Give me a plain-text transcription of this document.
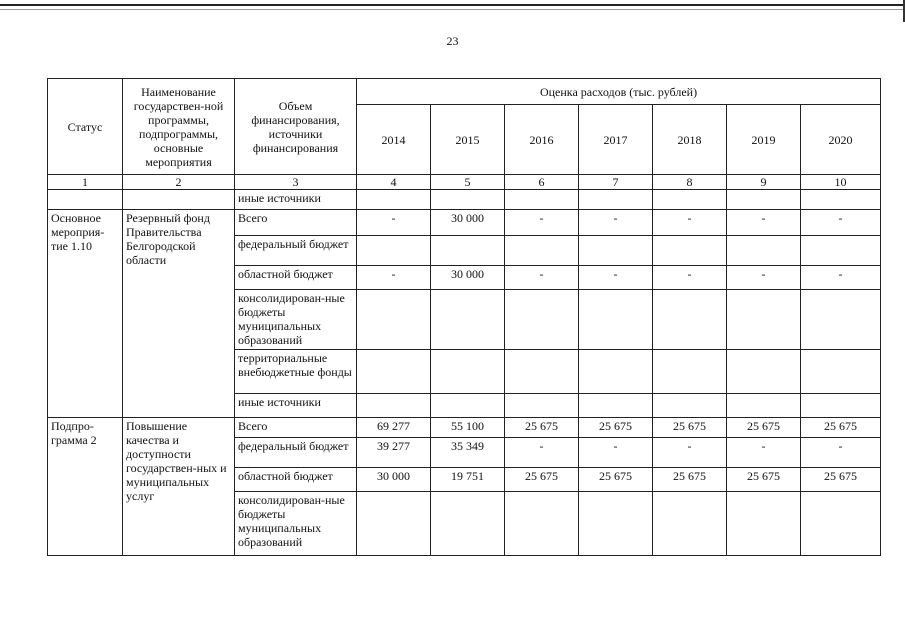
23
Статус	Наименование государствен-ной программы, подпрограммы, основные мероприятия	Объем финансирования, источники финансирования	Оценка расходов (тыс. рублей)						
			2014	2015	2016	2017	2018	2019	2020
1	2	3	4	5	6	7	8	9	10
		иные источники							
Основное мероприя-тие 1.10	Резервный фонд Правительства Белгородской области	Всего	-	30 000	-	-	-	-	-
		федеральный бюджет							
		областной бюджет	-	30 000	-	-	-	-	-
		консолидирован-ные бюджеты муниципальных образований							
		территориальные внебюджетные фонды							
		иные источники							
Подпро-грамма 2	Повышение качества и доступности государствен-ных и муниципальных услуг	Всего	69 277	55 100	25 675	25 675	25 675	25 675	25 675
		федеральный бюджет	39 277	35 349	-	-	-	-	-
		областной бюджет	30 000	19 751	25 675	25 675	25 675	25 675	25 675
		консолидирован-ные бюджеты муниципальных образований							
